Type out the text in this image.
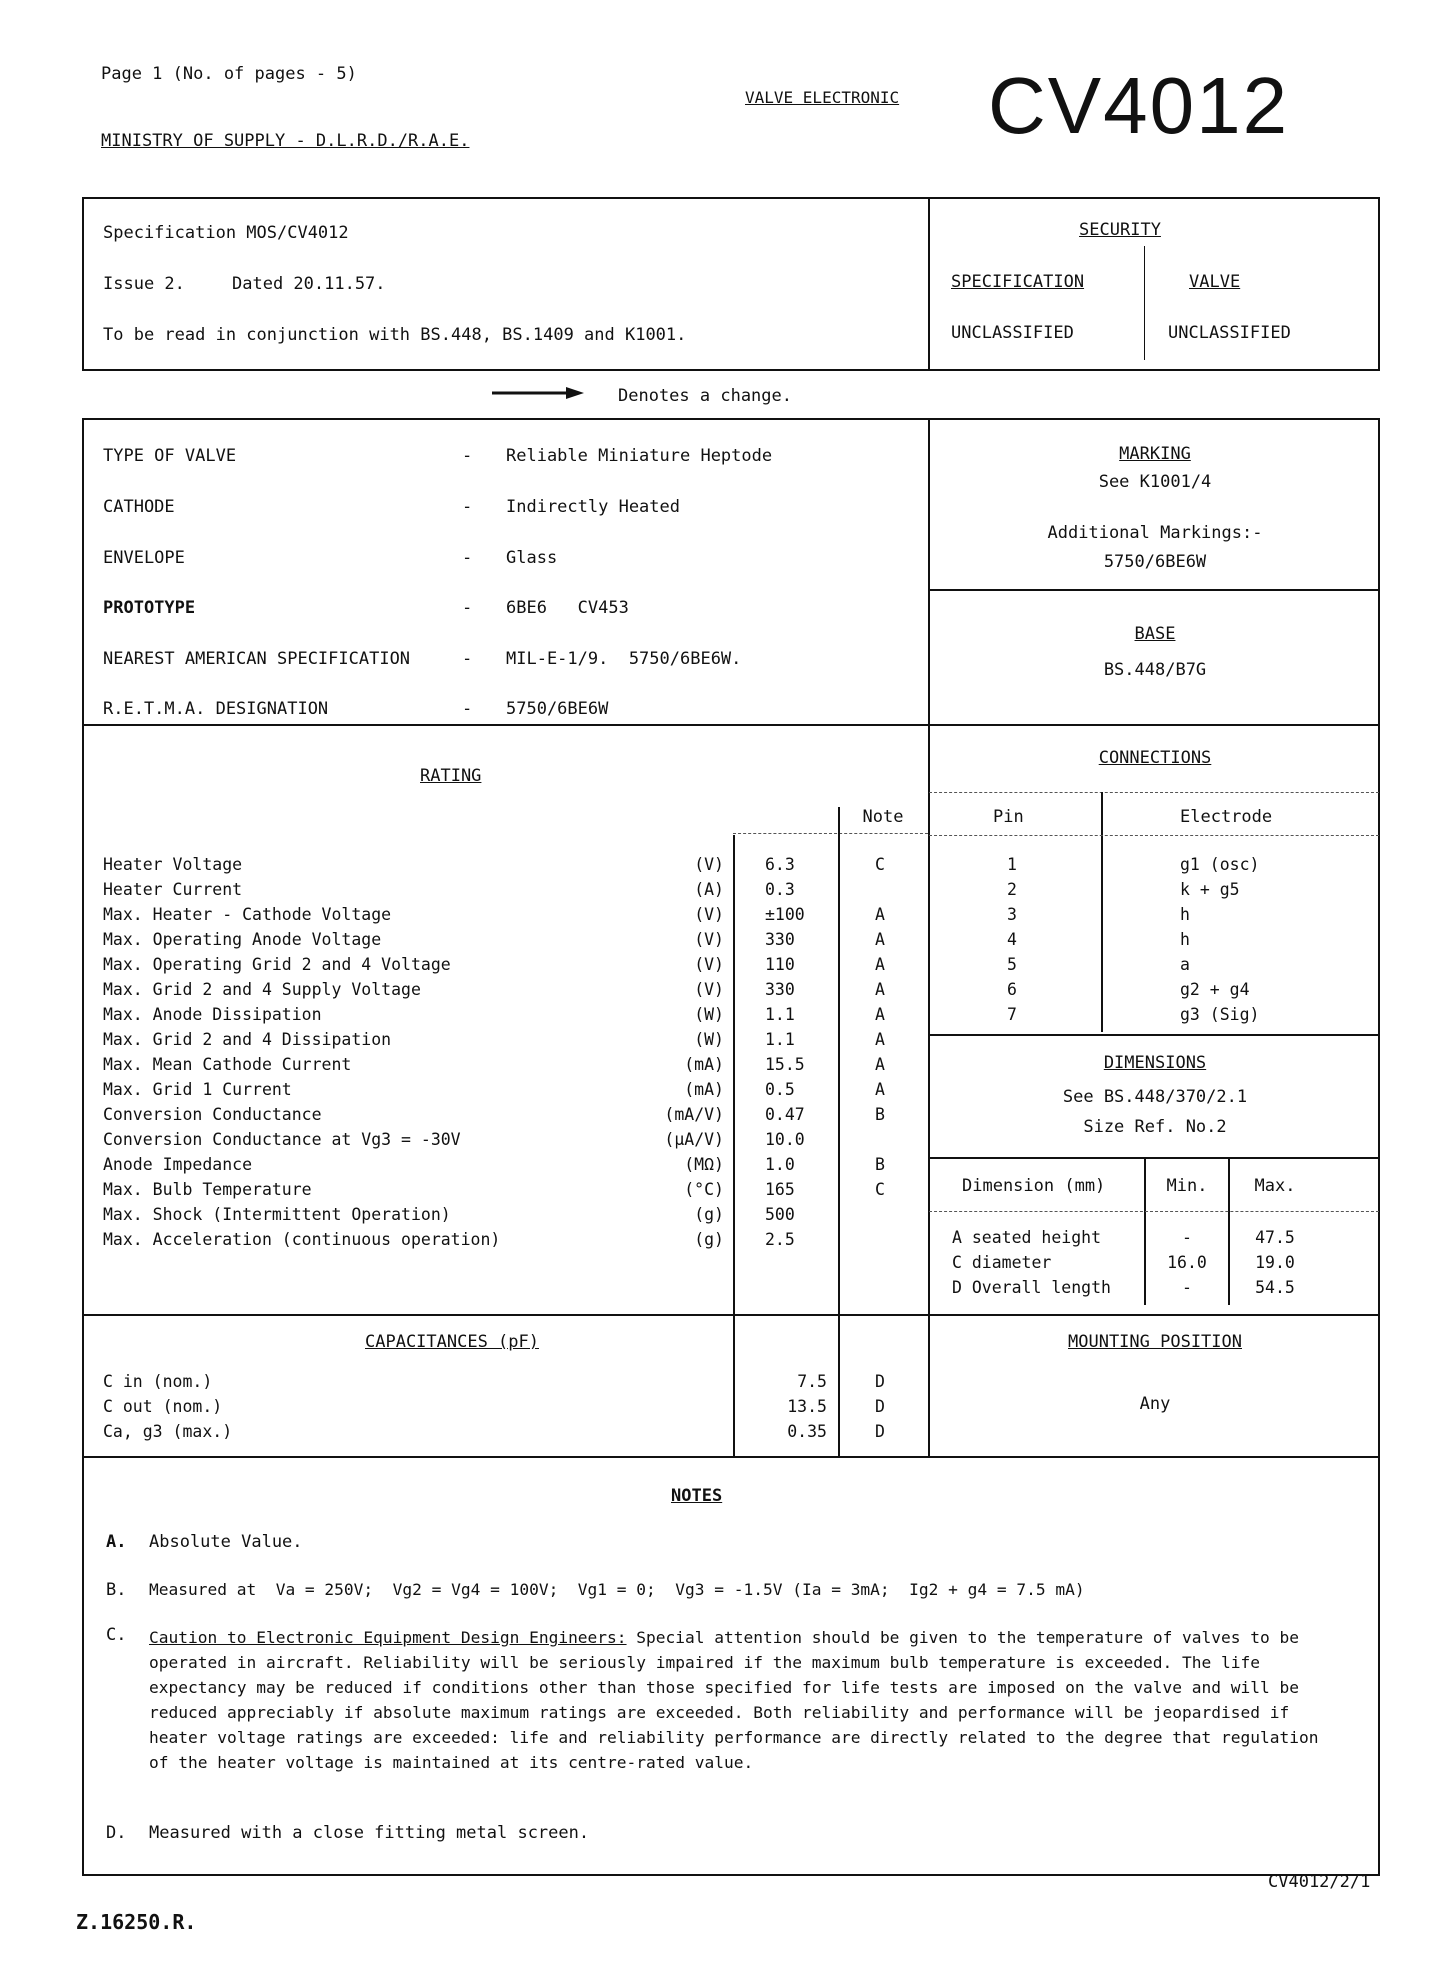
Page 1 (No. of pages - 5)
MINISTRY OF SUPPLY - D.L.R.D./R.A.E.
VALVE ELECTRONIC CV4012
Specification MOS/CV4012
Issue 2.	Dated 20.11.57.
To be read in conjunction with BS.448, BS.1409 and K1001.
SECURITY
SPECIFICATION	VALVE
UNCLASSIFIED	UNCLASSIFIED
Denotes a change.
TYPE OF VALVE	- Reliable Miniature Heptode
CATHODE	- Indirectly Heated
ENVELOPE	- Glass
PROTOTYPE	- 6BE6   CV453
NEAREST AMERICAN SPECIFICATION	- MIL-E-1/9.  5750/6BE6W.
R.E.T.M.A. DESIGNATION	- 5750/6BE6W
MARKING
See K1001/4
Additional Markings:-
5750/6BE6W
BASE
BS.448/B7G
RATING
Note
Heater Voltage	(V) 6.3	C
Heater Current	(A) 0.3
Max. Heater - Cathode Voltage	(V) ±100	A
Max. Operating Anode Voltage	(V) 330	A
Max. Operating Grid 2 and 4 Voltage	(V) 110	A
Max. Grid 2 and 4 Supply Voltage	(V) 330	A
Max. Anode Dissipation	(W) 1.1	A
Max. Grid 2 and 4 Dissipation	(W) 1.1	A
Max. Mean Cathode Current	(mA) 15.5	A
Max. Grid 1 Current	(mA) 0.5	A
Conversion Conductance	(mA/V) 0.47	B
Conversion Conductance at Vg3 = -30V	(µA/V) 10.0
Anode Impedance	(MΩ) 1.0	B
Max. Bulb Temperature	(°C) 165	C
Max. Shock (Intermittent Operation)	(g) 500
Max. Acceleration (continuous operation)	(g) 2.5
CONNECTIONS
Pin	Electrode
1	g1 (osc)
2	k + g5
3	h
4	h
5	a
6	g2 + g4
7	g3 (Sig)
DIMENSIONS
See BS.448/370/2.1
Size Ref. No.2
Dimension (mm)	Min.	Max.
A seated height	-	47.5
C diameter	16.0	19.0
D Overall length	-	54.5
CAPACITANCES (pF)
C in (nom.)	7.5	D
C out (nom.)	13.5	D
Ca, g3 (max.)	0.35	D
MOUNTING POSITION
Any
NOTES
A. Absolute Value.
B. Measured at  Va = 250V;  Vg2 = Vg4 = 100V;  Vg1 = 0;  Vg3 = -1.5V (Ia = 3mA;  Ig2 + g4 = 7.5 mA)
C. Caution to Electronic Equipment Design Engineers: Special attention should be given to the temperature of valves to be operated in aircraft. Reliability will be seriously impaired if the maximum bulb temperature is exceeded. The life expectancy may be reduced if conditions other than those specified for life tests are imposed on the valve and will be reduced appreciably if absolute maximum ratings are exceeded. Both reliability and performance will be jeopardised if heater voltage ratings are exceeded: life and reliability performance are directly related to the degree that regulation of the heater voltage is maintained at its centre-rated value.
D. Measured with a close fitting metal screen.
CV4012/2/1
Z.16250.R.
